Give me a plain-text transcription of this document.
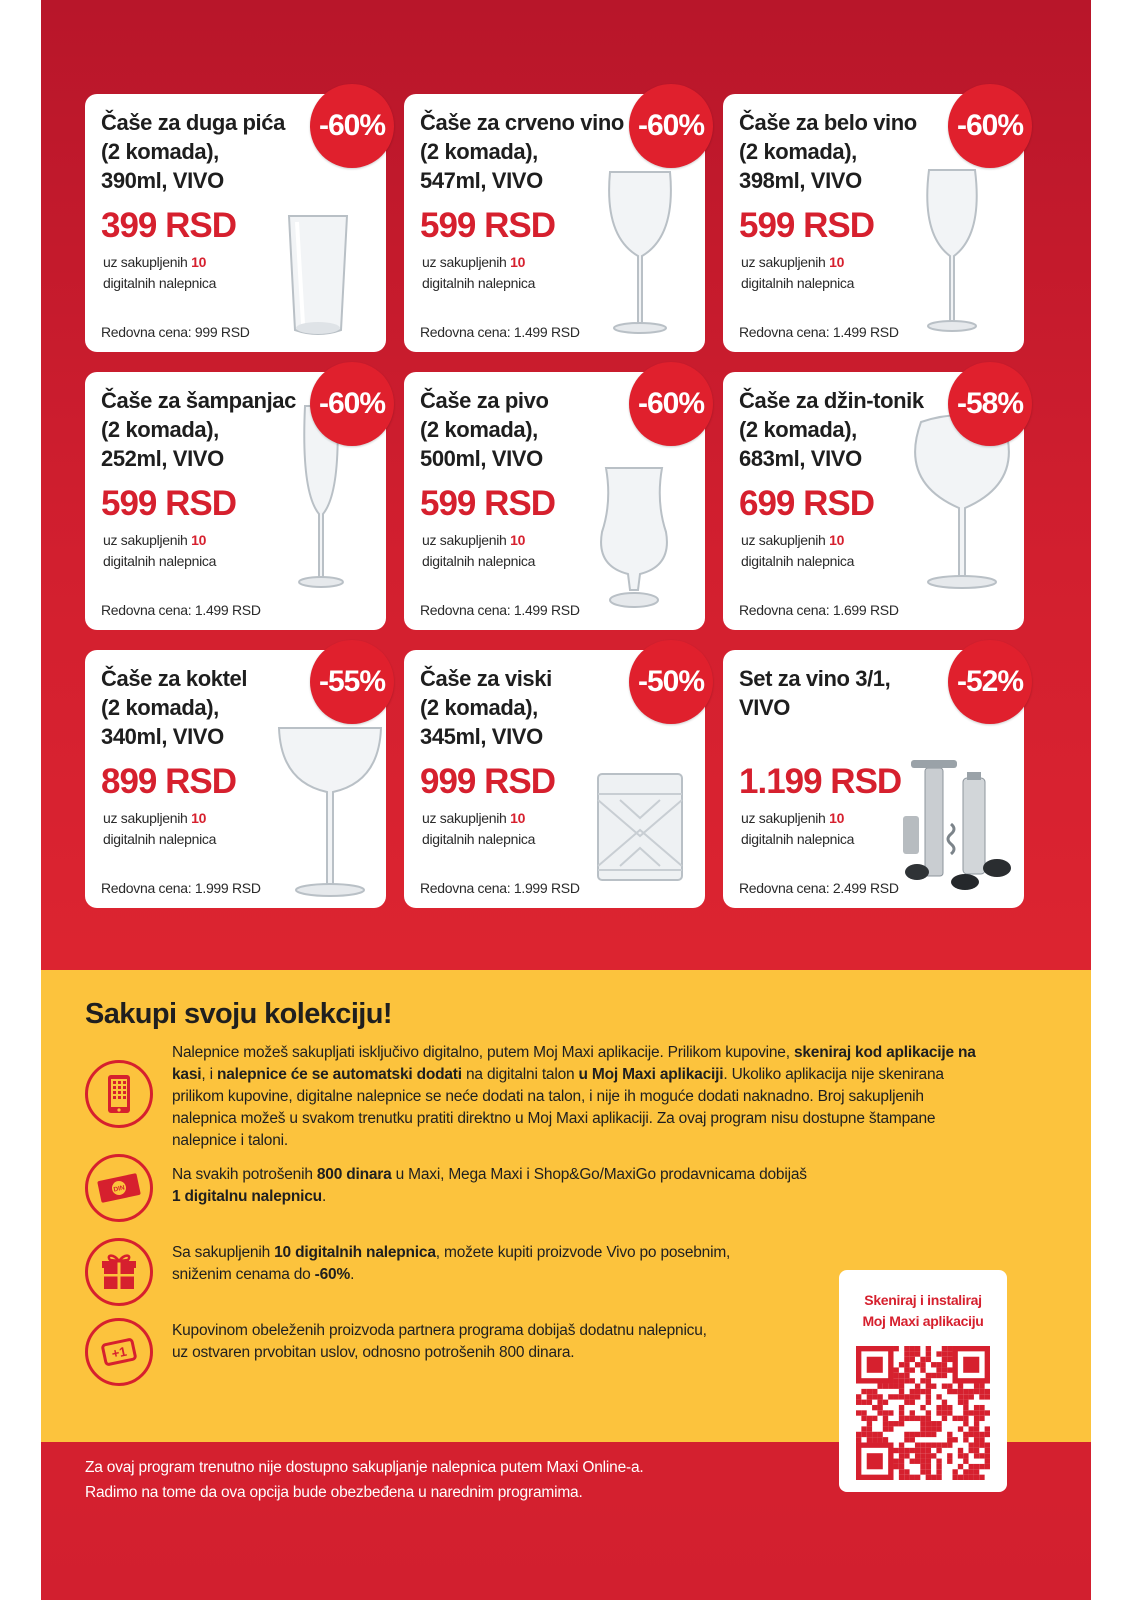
Čaše za duga pića
(2 komada),
390ml, VIVO
399 RSD
uz sakupljenih 10
digitalnih nalepnica
Redovna cena: 999 RSD
-60%	Čaše za crveno vino
(2 komada),
547ml, VIVO
599 RSD
uz sakupljenih 10
digitalnih nalepnica
Redovna cena: 1.499 RSD
-60%	Čaše za belo vino
(2 komada),
398ml, VIVO
599 RSD
uz sakupljenih 10
digitalnih nalepnica
Redovna cena: 1.499 RSD
-60%
Čaše za šampanjac
(2 komada),
252ml, VIVO
599 RSD
uz sakupljenih 10
digitalnih nalepnica
Redovna cena: 1.499 RSD
-60%	Čaše za pivo
(2 komada),
500ml, VIVO
599 RSD
uz sakupljenih 10
digitalnih nalepnica
Redovna cena: 1.499 RSD
-60%	Čaše za džin-tonik
(2 komada),
683ml, VIVO
699 RSD
uz sakupljenih 10
digitalnih nalepnica
Redovna cena: 1.699 RSD
-58%
Čaše za koktel
(2 komada),
340ml, VIVO
899 RSD
uz sakupljenih 10
digitalnih nalepnica
Redovna cena: 1.999 RSD
-55%	Čaše za viski
(2 komada),
345ml, VIVO
999 RSD
uz sakupljenih 10
digitalnih nalepnica
Redovna cena: 1.999 RSD
-50%	Set za vino 3/1,
VIVO
1.199 RSD
uz sakupljenih 10
digitalnih nalepnica
Redovna cena: 2.499 RSD
-52%
Sakupi svoju kolekciju!
Nalepnice možeš sakupljati isključivo digitalno, putem Moj Maxi aplikacije. Prilikom kupovine, skeniraj kod aplikacije na kasi, i nalepnice će se automatski dodati na digitalni talon u Moj Maxi aplikaciji. Ukoliko aplikacija nije skenirana prilikom kupovine, digitalne nalepnice se neće dodati na talon, i nije ih moguće dodati naknadno. Broj sakupljenih nalepnica možeš u svakom trenutku pratiti direktno u Moj Maxi aplikaciji. Za ovaj program nisu dostupne štampane nalepnice i taloni.
DIN
Na svakih potrošenih 800 dinara u Maxi, Mega Maxi i Shop&Go/MaxiGo prodavnicama dobijaš
1 digitalnu nalepnicu.
Sa sakupljenih 10 digitalnih nalepnica, možete kupiti proizvode Vivo po posebnim,
sniženim cenama do -60%.
+1
Kupovinom obeleženih proizvoda partnera programa dobijaš dodatnu nalepnicu,
uz ostvaren prvobitan uslov, odnosno potrošenih 800 dinara.
Skeniraj i instaliraj
Moj Maxi aplikaciju
Za ovaj program trenutno nije dostupno sakupljanje nalepnica putem Maxi Online-a.
Radimo na tome da ova opcija bude obezbeđena u narednim programima.
